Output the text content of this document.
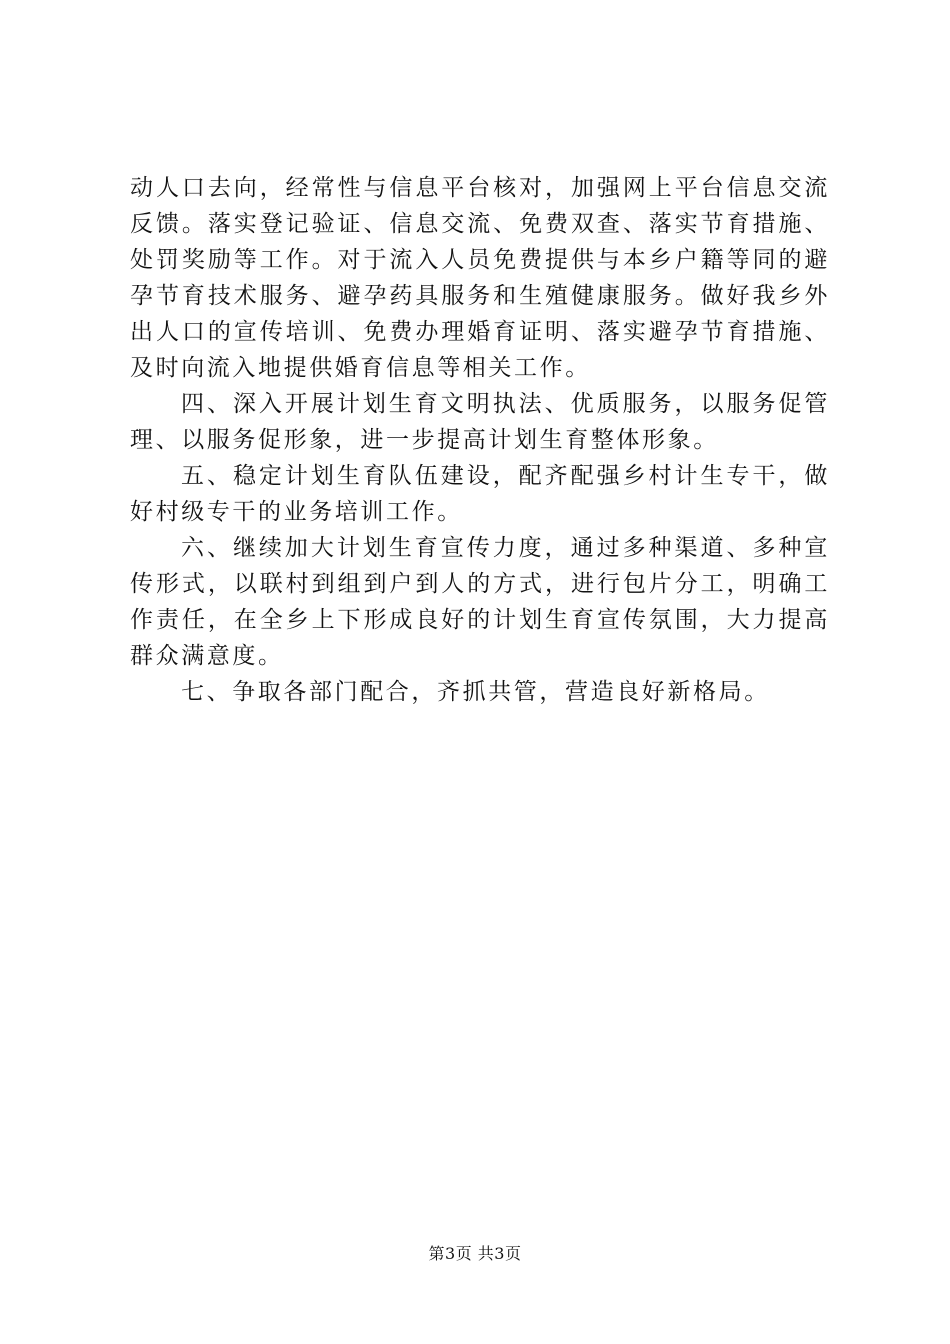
动人口去向，经常性与信息平台核对，加强网上平台信息交流反馈。落实登记验证、信息交流、免费双查、落实节育措施、处罚奖励等工作。对于流入人员免费提供与本乡户籍等同的避孕节育技术服务、避孕药具服务和生殖健康服务。做好我乡外出人口的宣传培训、免费办理婚育证明、落实避孕节育措施、及时向流入地提供婚育信息等相关工作。

四、深入开展计划生育文明执法、优质服务，以服务促管理、以服务促形象，进一步提高计划生育整体形象。

五、稳定计划生育队伍建设，配齐配强乡村计生专干，做好村级专干的业务培训工作。

六、继续加大计划生育宣传力度，通过多种渠道、多种宣传形式，以联村到组到户到人的方式，进行包片分工，明确工作责任，在全乡上下形成良好的计划生育宣传氛围，大力提高群众满意度。

七、争取各部门配合，齐抓共管，营造良好新格局。

第3页 共3页
